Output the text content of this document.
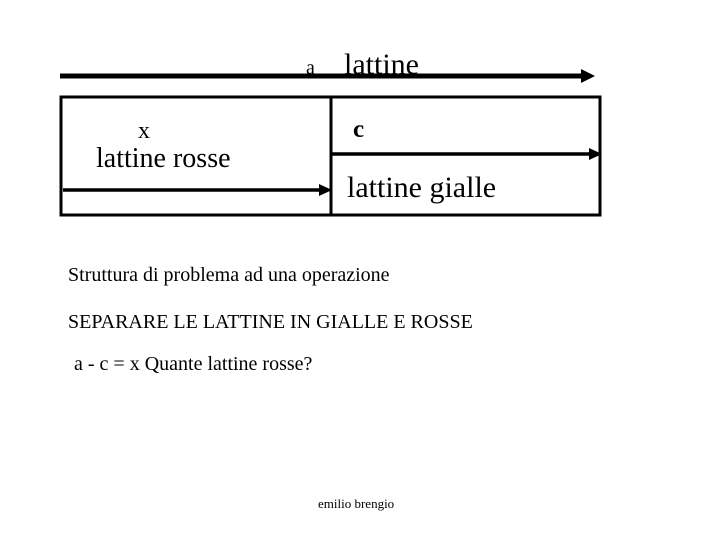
a lattine
x
lattine rosse
c
lattine gialle
Struttura di problema ad una operazione
SEPARARE LE LATTINE IN GIALLE E ROSSE
a - c = x Quante lattine rosse?
emilio brengio
